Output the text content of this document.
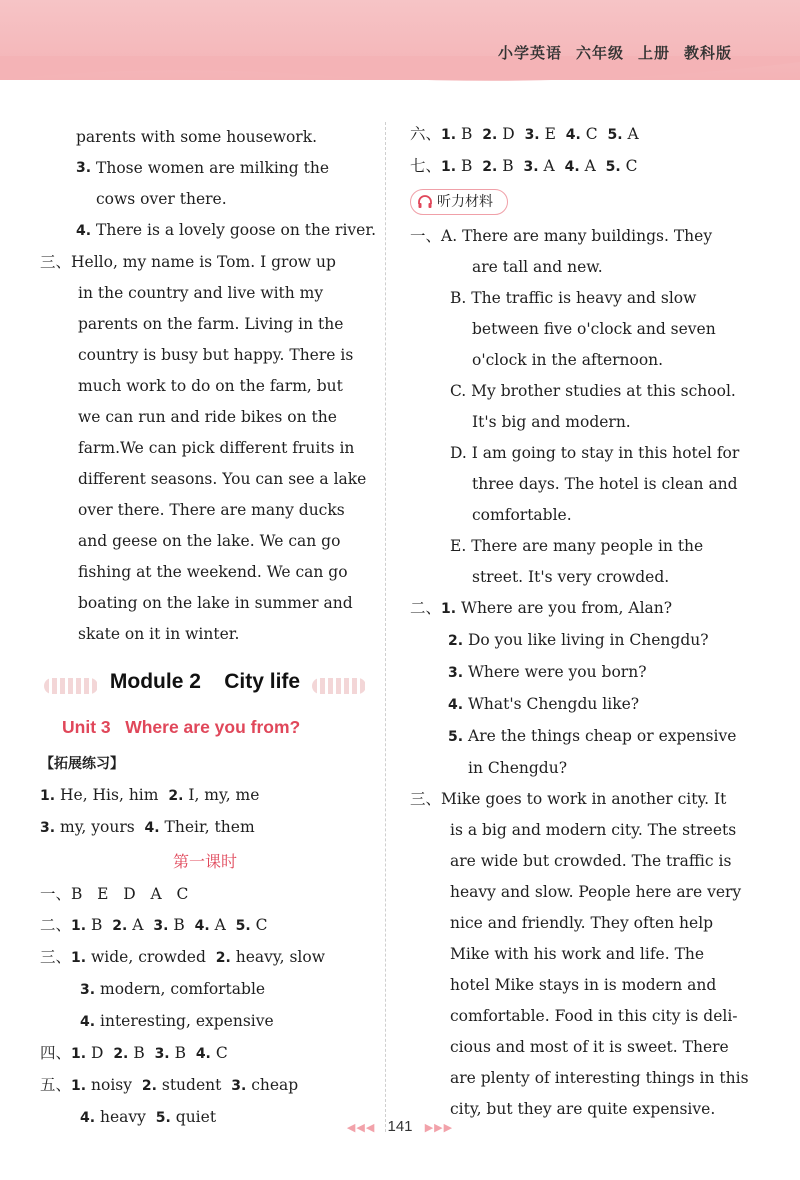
小学英语 六年级 上册 教科版
parents with some housework.
3. Those women are milking the
cows over there.
4. There is a lovely goose on the river.
三、Hello, my name is Tom. I grow up
in the country and live with my
parents on the farm. Living in the
country is busy but happy. There is
much work to do on the farm, but
we can run and ride bikes on the
farm.We can pick different fruits in
different seasons. You can see a lake
over there. There are many ducks
and geese on the lake. We can go
fishing at the weekend. We can go
boating on the lake in summer and
skate on it in winter.
Module 2    City life
Unit 3   Where are you from?
【拓展练习】
1. He, His, him 2. I, my, me
3. my, yours 4. Their, them
第一课时
一、B   E   D   A   C
二、1. B 2. A 3. B 4. A 5. C
三、1. wide, crowded 2. heavy, slow
3. modern, comfortable
4. interesting, expensive
四、1. D 2. B 3. B 4. C
五、1. noisy 2. student 3. cheap
4. heavy 5. quiet
六、1. B 2. D 3. E 4. C 5. A
七、1. B 2. B 3. A 4. A 5. C
听力材料
一、A. There are many buildings. They
are tall and new.
B. The traffic is heavy and slow
between five o'clock and seven
o'clock in the afternoon.
C. My brother studies at this school.
It's big and modern.
D. I am going to stay in this hotel for
three days. The hotel is clean and
comfortable.
E. There are many people in the
street. It's very crowded.
二、1. Where are you from, Alan?
2. Do you like living in Chengdu?
3. Where were you born?
4. What's Chengdu like?
5. Are the things cheap or expensive
in Chengdu?
三、Mike goes to work in another city. It
is a big and modern city. The streets
are wide but crowded. The traffic is
heavy and slow. People here are very
nice and friendly. They often help
Mike with his work and life. The
hotel Mike stays in is modern and
comfortable. Food in this city is deli-
cious and most of it is sweet. There
are plenty of interesting things in this
city, but they are quite expensive.
◀◀◀ 141 ▶▶▶
